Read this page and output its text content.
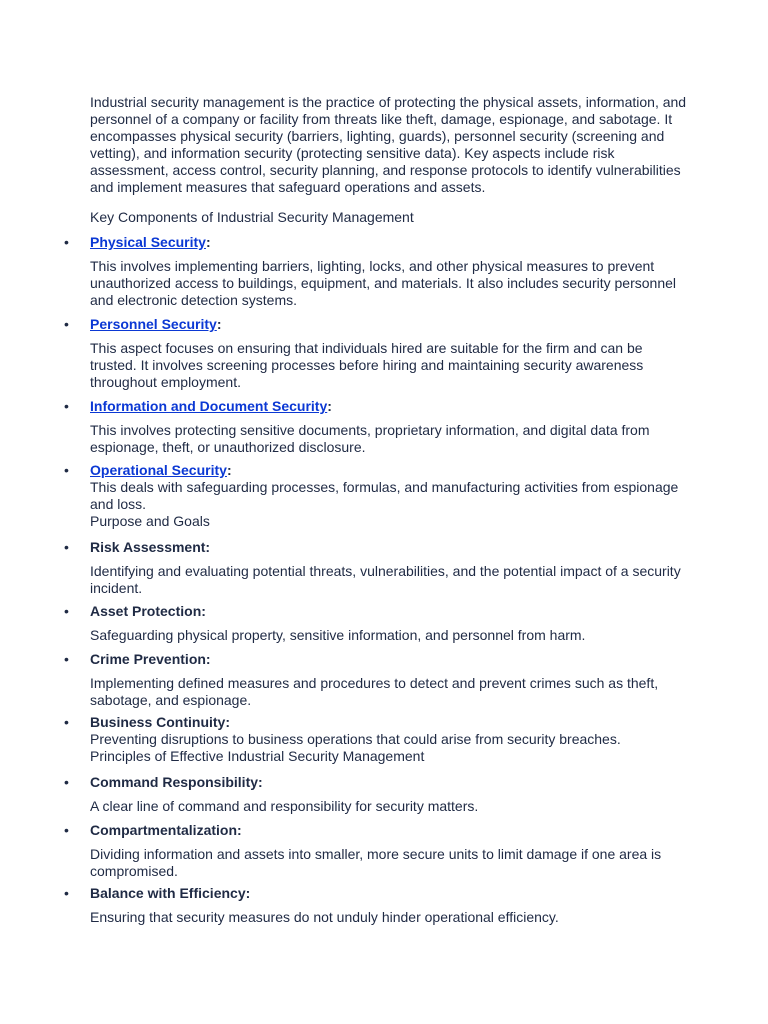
Industrial security management is the practice of protecting the physical assets, information, and personnel of a company or facility from threats like theft, damage, espionage, and sabotage. It encompasses physical security (barriers, lighting, guards), personnel security (screening and vetting), and information security (protecting sensitive data). Key aspects include risk assessment, access control, security planning, and response protocols to identify vulnerabilities and implement measures that safeguard operations and assets.

Key Components of Industrial Security Management

• Physical Security:

This involves implementing barriers, lighting, locks, and other physical measures to prevent unauthorized access to buildings, equipment, and materials. It also includes security personnel and electronic detection systems.

• Personnel Security:

This aspect focuses on ensuring that individuals hired are suitable for the firm and can be trusted. It involves screening processes before hiring and maintaining security awareness throughout employment.

• Information and Document Security:

This involves protecting sensitive documents, proprietary information, and digital data from espionage, theft, or unauthorized disclosure.

• Operational Security:

This deals with safeguarding processes, formulas, and manufacturing activities from espionage and loss.

Purpose and Goals
• Risk Assessment:

Identifying and evaluating potential threats, vulnerabilities, and the potential impact of a security incident.

• Asset Protection:

Safeguarding physical property, sensitive information, and personnel from harm.

• Crime Prevention:

Implementing defined measures and procedures to detect and prevent crimes such as theft, sabotage, and espionage.

• Business Continuity:

Preventing disruptions to business operations that could arise from security breaches.

Principles of Effective Industrial Security Management
• Command Responsibility:

A clear line of command and responsibility for security matters.

• Compartmentalization:

Dividing information and assets into smaller, more secure units to limit damage if one area is compromised.

• Balance with Efficiency:

Ensuring that security measures do not unduly hinder operational efficiency.
